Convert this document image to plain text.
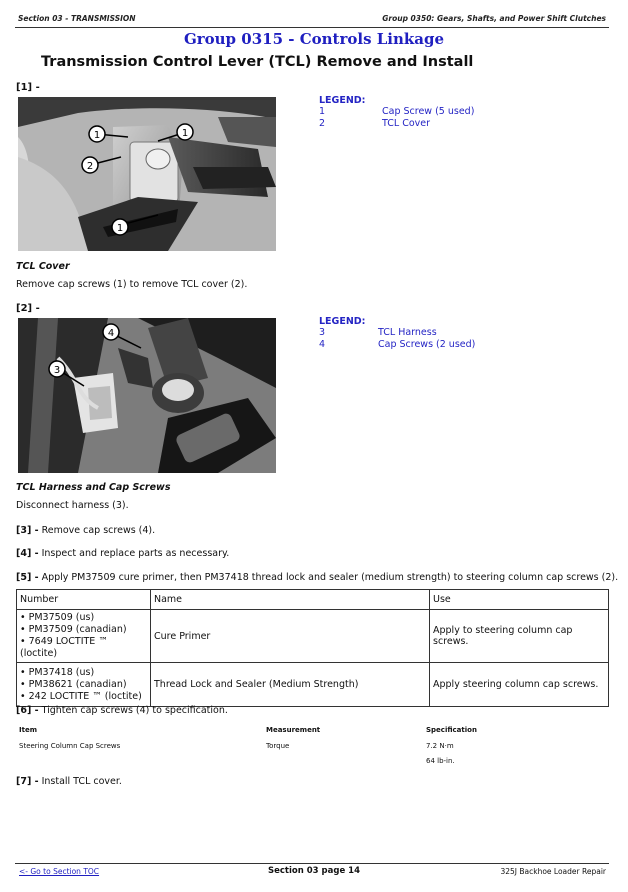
Section 03 - TRANSMISSION	Group 0350: Gears, Shafts, and Power Shift Clutches
Group 0315 - Controls Linkage
Transmission Control Lever (TCL) Remove and Install
[1] -
1	1
2
1
LEGEND:
1	Cap Screw (5 used)
2	TCL Cover
TCL Cover
Remove cap screws (1) to remove TCL cover (2).
[2] -
4
3
LEGEND:
3	TCL Harness
4	Cap Screws (2 used)
TCL Harness and Cap Screws
Disconnect harness (3).
[3] - Remove cap screws (4).
[4] - Inspect and replace parts as necessary.
[5] - Apply PM37509 cure primer, then PM37418 thread lock and sealer (medium strength) to steering column cap screws (2).
Number	Name	Use

• PM37509 (us)
• PM37509 (canadian)
• 7649 LOCTITE ™ (loctite)	Cure Primer	Apply to steering column cap screws.

• PM37418 (us)
• PM38621 (canadian)
• 242 LOCTITE ™ (loctite)	Thread Lock and Sealer (Medium Strength)	Apply steering column cap screws.
[6] - Tighten cap screws (4) to specification.
Item	Measurement	Specification
Steering Column Cap Screws	Torque	7.2 N·m
64 lb-in.
[7] - Install TCL cover.
<- Go to Section TOC	Section 03 page 14	325J Backhoe Loader Repair
